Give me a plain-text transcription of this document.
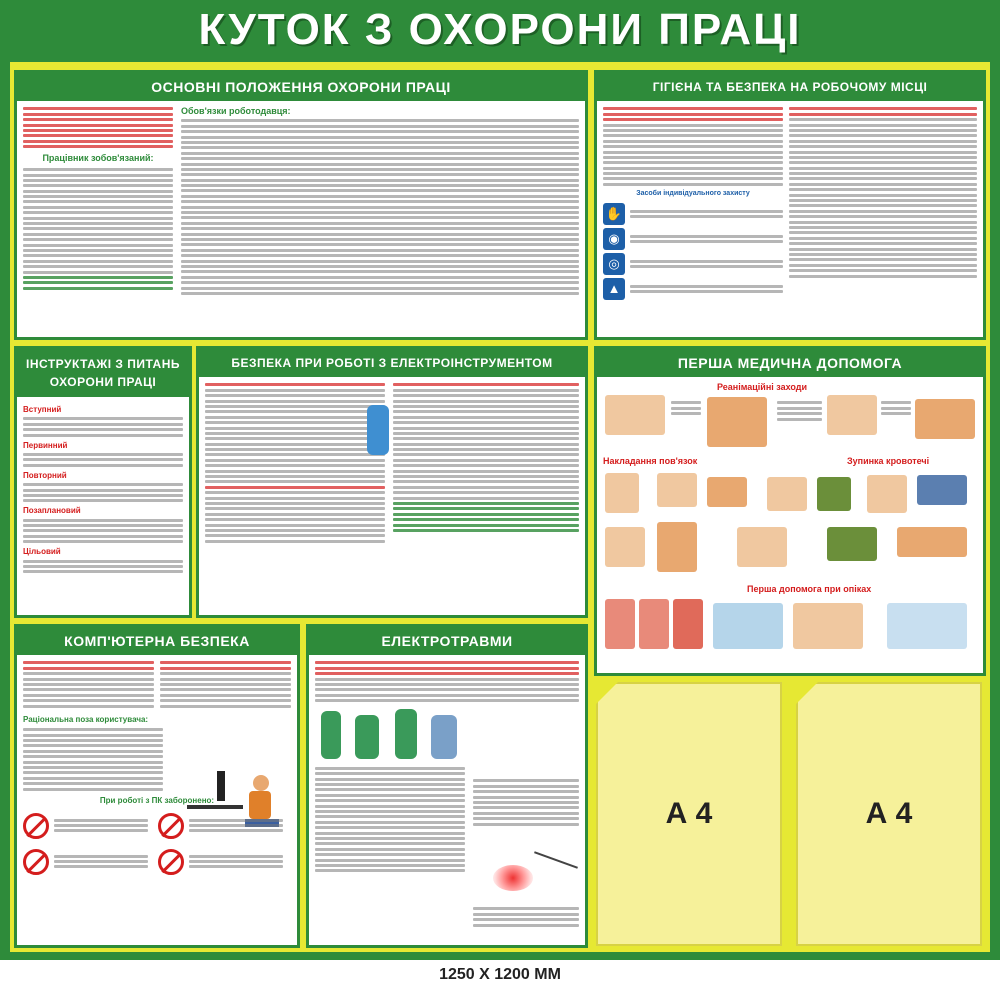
КУТОК З ОХОРОНИ ПРАЦІ
ОСНОВНІ ПОЛОЖЕННЯ ОХОРОНИ ПРАЦІ
Працівник зобов'язаний:
Обов'язки роботодавця:
ГІГІЄНА ТА БЕЗПЕКА НА РОБОЧОМУ МІСЦІ
Засоби індивідуального захисту
✋
◉
◎
▲
ІНСТРУКТАЖІ З ПИТАНЬ
ОХОРОНИ ПРАЦІ
Вступний
Первинний
Повторний
Позаплановий
Цільовий
БЕЗПЕКА ПРИ РОБОТІ З ЕЛЕКТРОІНСТРУМЕНТОМ	ПЕРША МЕДИЧНА ДОПОМОГА
Реанімаційні заходи
Накладання пов'язок	Зупинка кровотечі
Перша допомога при опіках
КОМП'ЮТЕРНА БЕЗПЕКА
Раціональна поза користувача:
При роботі з ПК заборонено:
ЕЛЕКТРОТРАВМИ
А 4	А 4
1250 X 1200 ММ
